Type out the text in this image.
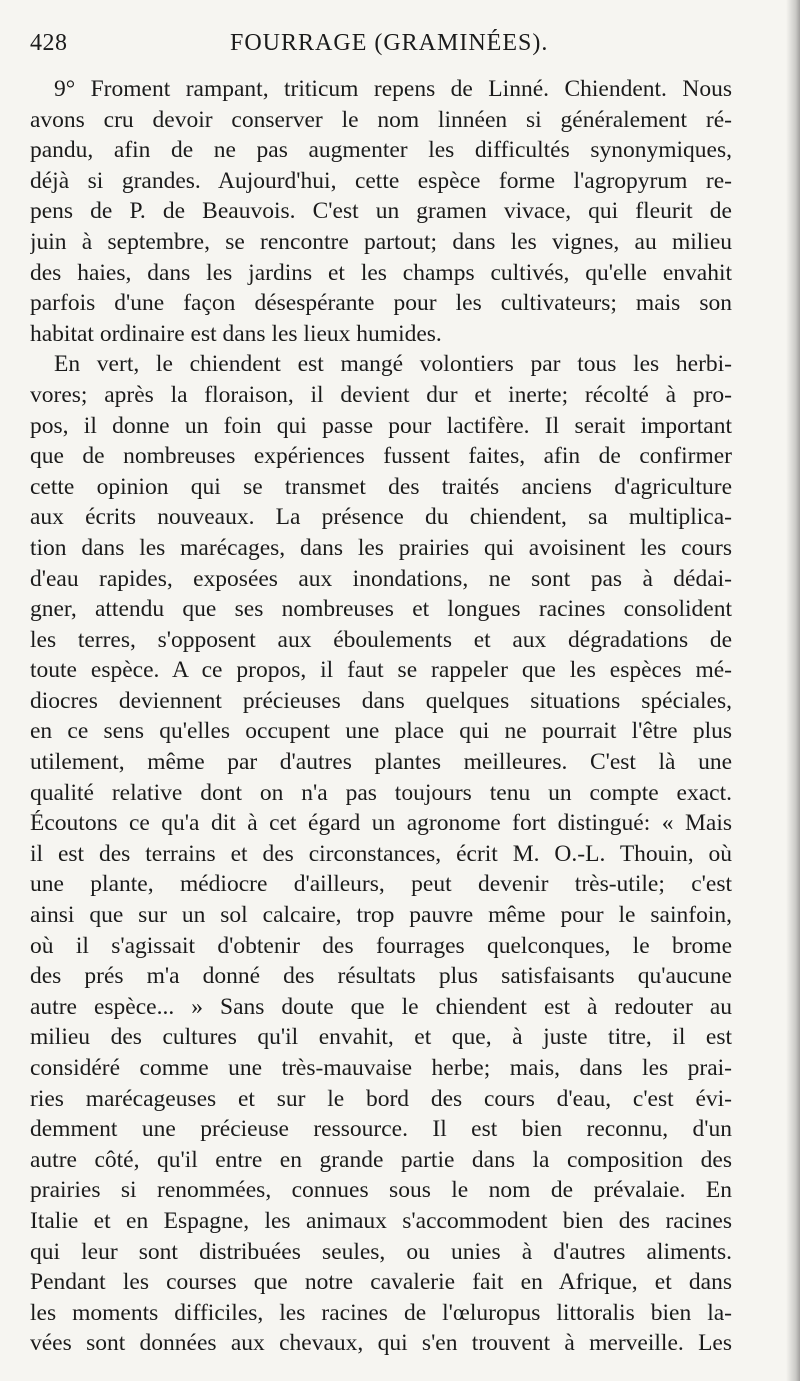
428	FOURRAGE (GRAMINÉES).
9° Froment rampant, triticum repens de Linné. Chiendent. Nous
avons cru devoir conserver le nom linnéen si généralement ré-
pandu, afin de ne pas augmenter les difficultés synonymiques,
déjà si grandes. Aujourd'hui, cette espèce forme l'agropyrum re-
pens de P. de Beauvois. C'est un gramen vivace, qui fleurit de
juin à septembre, se rencontre partout; dans les vignes, au milieu
des haies, dans les jardins et les champs cultivés, qu'elle envahit
parfois d'une façon désespérante pour les cultivateurs; mais son
habitat ordinaire est dans les lieux humides.
En vert, le chiendent est mangé volontiers par tous les herbi-
vores; après la floraison, il devient dur et inerte; récolté à pro-
pos, il donne un foin qui passe pour lactifère. Il serait important
que de nombreuses expériences fussent faites, afin de confirmer
cette opinion qui se transmet des traités anciens d'agriculture
aux écrits nouveaux. La présence du chiendent, sa multiplica-
tion dans les marécages, dans les prairies qui avoisinent les cours
d'eau rapides, exposées aux inondations, ne sont pas à dédai-
gner, attendu que ses nombreuses et longues racines consolident
les terres, s'opposent aux éboulements et aux dégradations de
toute espèce. A ce propos, il faut se rappeler que les espèces mé-
diocres deviennent précieuses dans quelques situations spéciales,
en ce sens qu'elles occupent une place qui ne pourrait l'être plus
utilement, même par d'autres plantes meilleures. C'est là une
qualité relative dont on n'a pas toujours tenu un compte exact.
Écoutons ce qu'a dit à cet égard un agronome fort distingué: « Mais
il est des terrains et des circonstances, écrit M. O.-L. Thouin, où
une plante, médiocre d'ailleurs, peut devenir très-utile; c'est
ainsi que sur un sol calcaire, trop pauvre même pour le sainfoin,
où il s'agissait d'obtenir des fourrages quelconques, le brome
des prés m'a donné des résultats plus satisfaisants qu'aucune
autre espèce... » Sans doute que le chiendent est à redouter au
milieu des cultures qu'il envahit, et que, à juste titre, il est
considéré comme une très-mauvaise herbe; mais, dans les prai-
ries marécageuses et sur le bord des cours d'eau, c'est évi-
demment une précieuse ressource. Il est bien reconnu, d'un
autre côté, qu'il entre en grande partie dans la composition des
prairies si renommées, connues sous le nom de prévalaie. En
Italie et en Espagne, les animaux s'accommodent bien des racines
qui leur sont distribuées seules, ou unies à d'autres aliments.
Pendant les courses que notre cavalerie fait en Afrique, et dans
les moments difficiles, les racines de l'œluropus littoralis bien la-
vées sont données aux chevaux, qui s'en trouvent à merveille. Les
